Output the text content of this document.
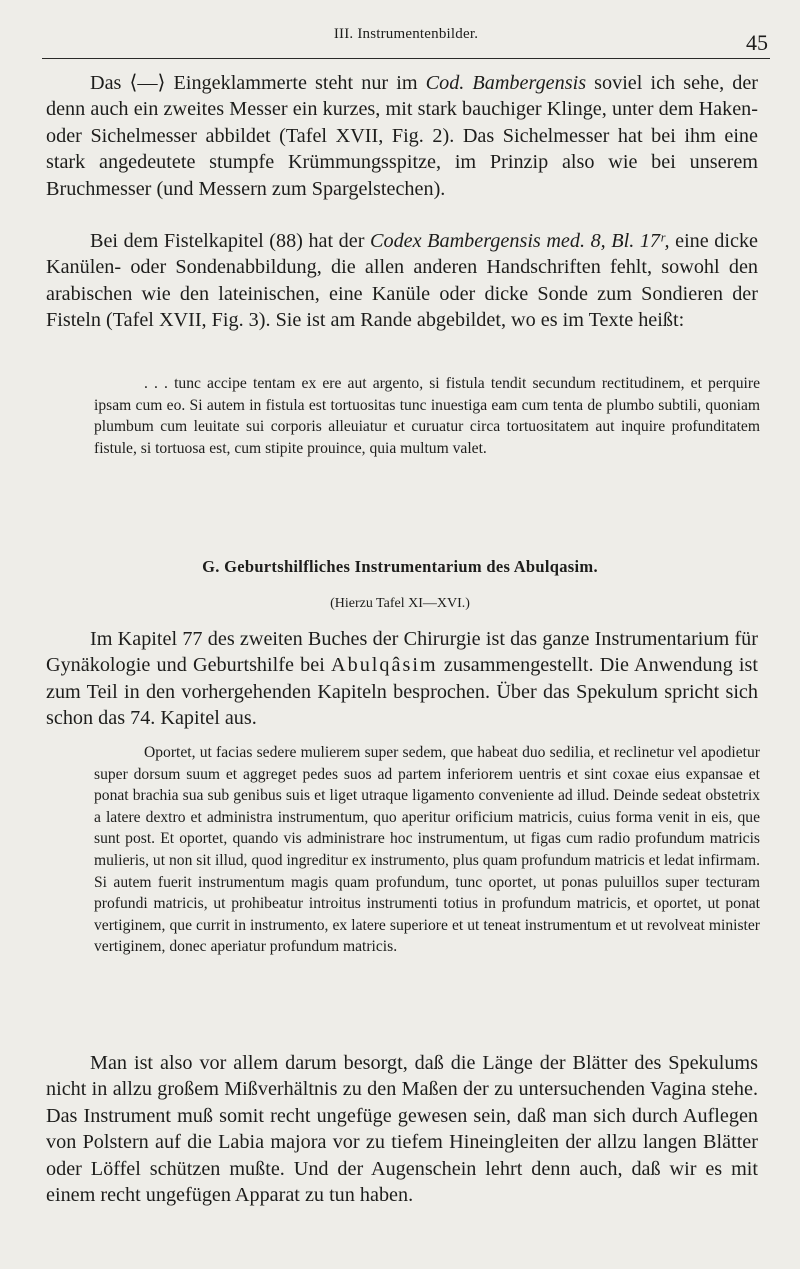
III. Instrumentenbilder.	45

Das ⟨—⟩ Eingeklammerte steht nur im Cod. Bambergensis soviel ich sehe, der denn auch ein zweites Messer ein kurzes, mit stark bauchiger Klinge, unter dem Haken- oder Sichelmesser abbildet (Tafel XVII, Fig. 2). Das Sichelmesser hat bei ihm eine stark angedeutete stumpfe Krümmungsspitze, im Prinzip also wie bei unserem Bruchmesser (und Messern zum Spargelstechen).

Bei dem Fistelkapitel (88) hat der Codex Bambergensis med. 8, Bl. 17ʳ, eine dicke Kanülen- oder Sondenabbildung, die allen anderen Handschriften fehlt, sowohl den arabischen wie den lateinischen, eine Kanüle oder dicke Sonde zum Sondieren der Fisteln (Tafel XVII, Fig. 3). Sie ist am Rande abgebildet, wo es im Texte heißt:

. . . tunc accipe tentam ex ere aut argento, si fistula tendit secundum rectitudinem, et perquire ipsam cum eo. Si autem in fistula est tortuositas tunc inuestiga eam cum tenta de plumbo subtili, quoniam plumbum cum leuitate sui corporis alleuiatur et curuatur circa tortuositatem aut inquire profunditatem fistule, si tortuosa est, cum stipite prouince, quia multum valet.

G. Geburtshilfliches Instrumentarium des Abulqasim.
(Hierzu Tafel XI—XVI.)

Im Kapitel 77 des zweiten Buches der Chirurgie ist das ganze Instrumentarium für Gynäkologie und Geburtshilfe bei Abulqâsim zusammengestellt. Die Anwendung ist zum Teil in den vorhergehenden Kapiteln besprochen. Über das Spekulum spricht sich schon das 74. Kapitel aus.

Oportet, ut facias sedere mulierem super sedem, que habeat duo sedilia, et reclinetur vel apodietur super dorsum suum et aggreget pedes suos ad partem inferiorem uentris et sint coxae eius expansae et ponat brachia sua sub genibus suis et liget utraque ligamento conveniente ad illud. Deinde sedeat obstetrix a latere dextro et administra instrumentum, quo aperitur orificium matricis, cuius forma venit in eis, que sunt post. Et oportet, quando vis administrare hoc instrumentum, ut figas cum radio profundum matricis mulieris, ut non sit illud, quod ingreditur ex instrumento, plus quam profundum matricis et ledat infirmam. Si autem fuerit instrumentum magis quam profundum, tunc oportet, ut ponas puluillos super tecturam profundi matricis, ut prohibeatur introitus instrumenti totius in profundum matricis, et oportet, ut ponat vertiginem, que currit in instrumento, ex latere superiore et ut teneat instrumentum et ut revolveat minister vertiginem, donec aperiatur profundum matricis.

Man ist also vor allem darum besorgt, daß die Länge der Blätter des Spekulums nicht in allzu großem Mißverhältnis zu den Maßen der zu untersuchenden Vagina stehe. Das Instrument muß somit recht ungefüge gewesen sein, daß man sich durch Auflegen von Polstern auf die Labia majora vor zu tiefem Hineingleiten der allzu langen Blätter oder Löffel schützen mußte. Und der Augenschein lehrt denn auch, daß wir es mit einem recht ungefügen Apparat zu tun haben.
